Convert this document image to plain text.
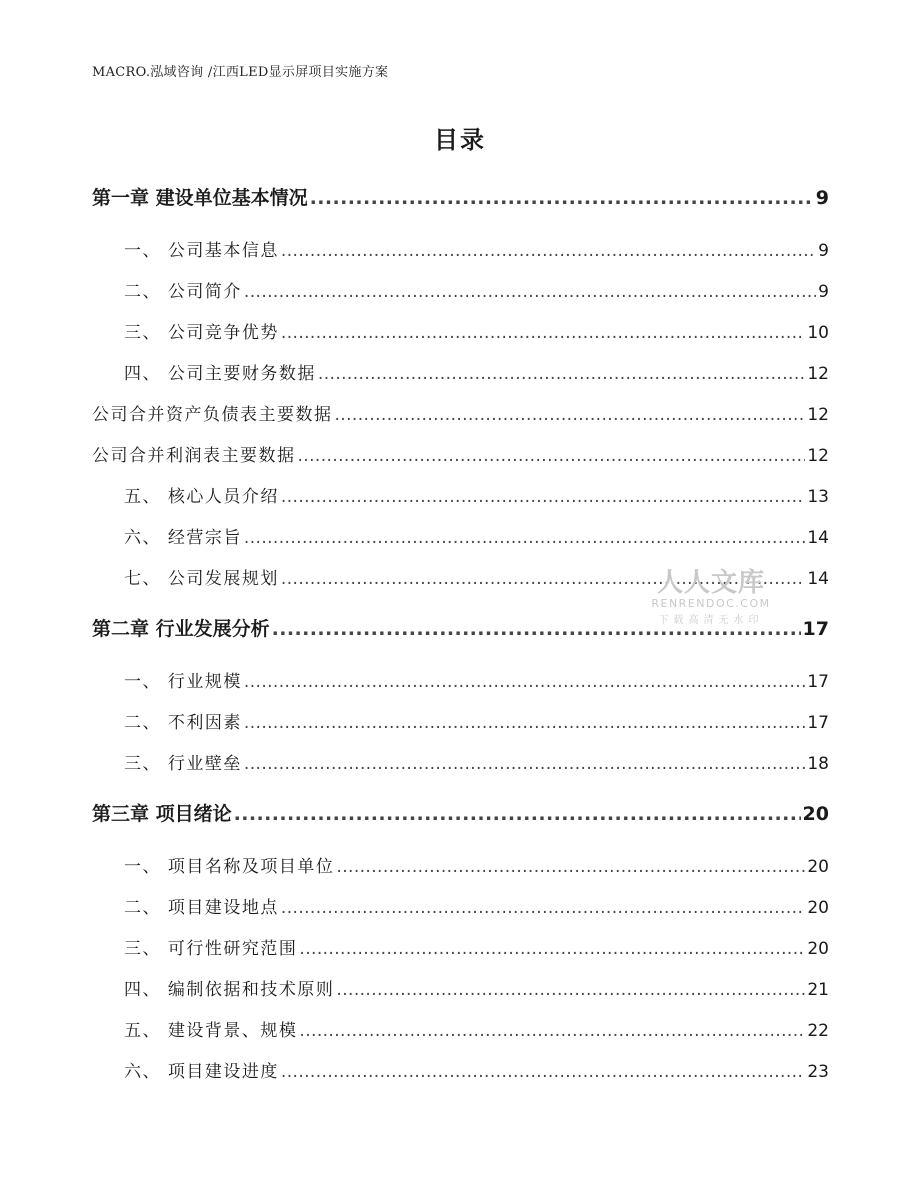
MACRO.泓域咨询 /江西LED显示屏项目实施方案
目录
第一章 建设单位基本情况 .....	9
一、 公司基本信息 .....	9
二、 公司简介 .....	9
三、 公司竞争优势 .....	10
四、 公司主要财务数据 .....	12
公司合并资产负债表主要数据 .....	12
公司合并利润表主要数据 .....	12
五、 核心人员介绍 .....	13
六、 经营宗旨 .....	14
七、 公司发展规划 .....	14
第二章 行业发展分析 .....	17
一、 行业规模 .....	17
二、 不利因素 .....	17
三、 行业壁垒 .....	18
第三章 项目绪论 .....	20
一、 项目名称及项目单位 .....	20
二、 项目建设地点 .....	20
三、 可行性研究范围 .....	20
四、 编制依据和技术原则 .....	21
五、 建设背景、规模 .....	22
六、 项目建设进度 .....	23
人人文库
RENRENDOC.COM
下载高清无水印
